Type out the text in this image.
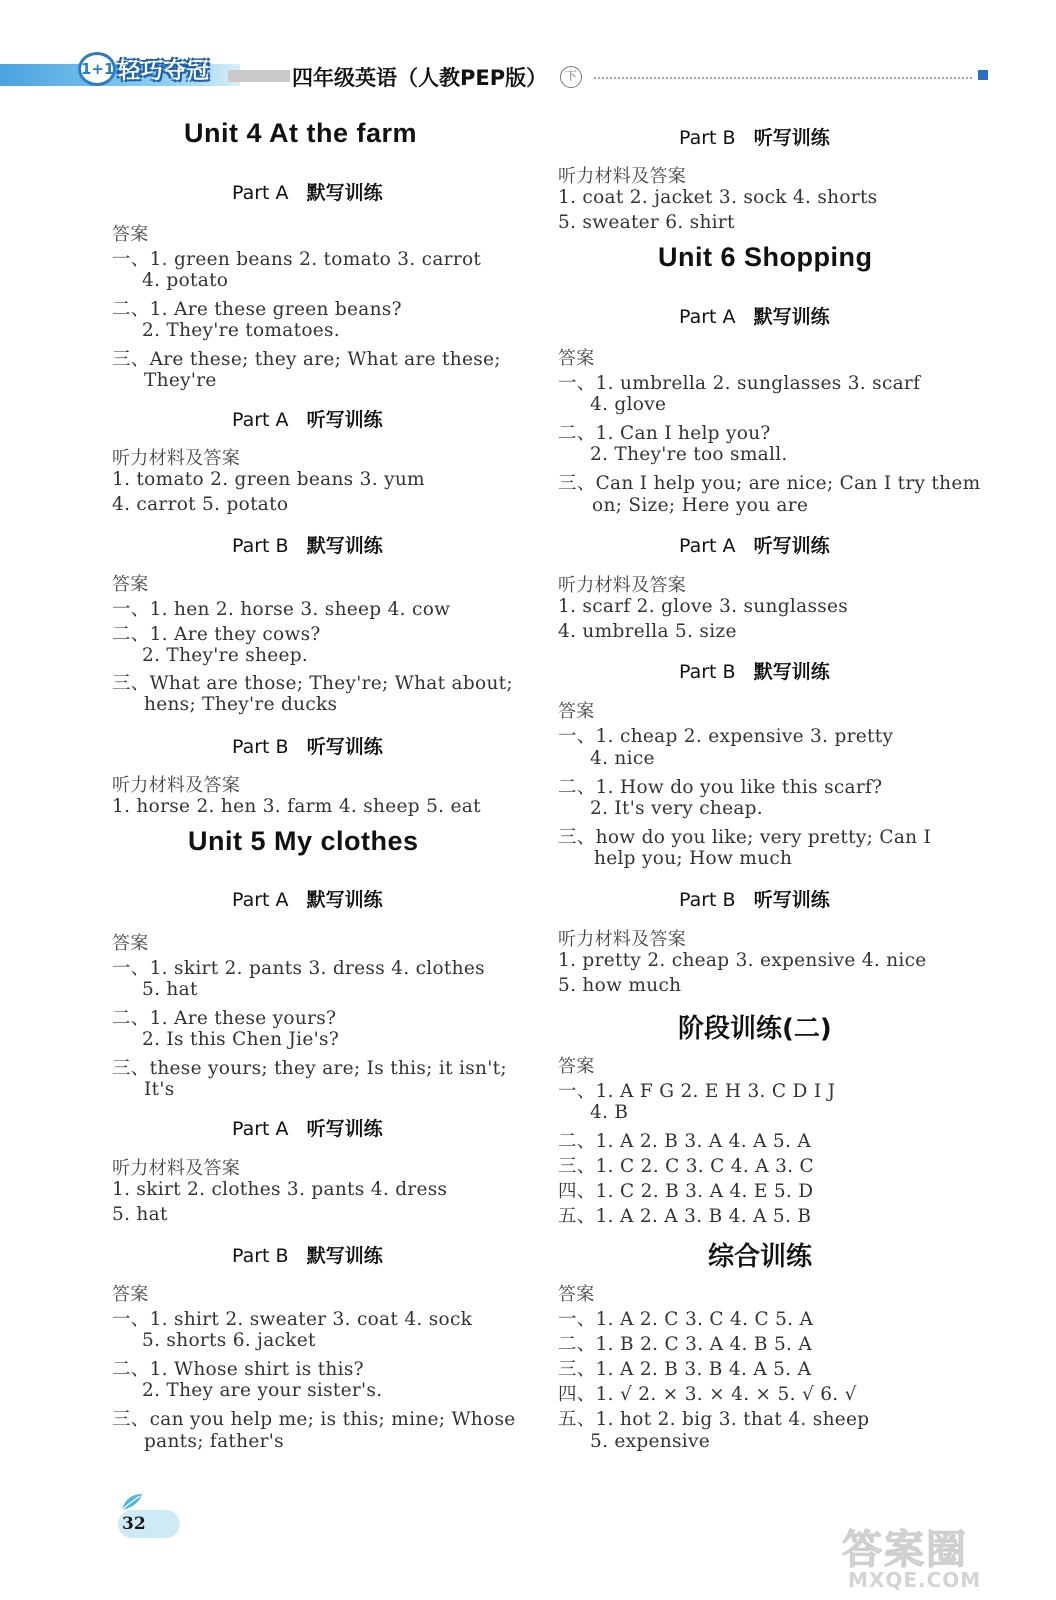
1+1 轻巧夺冠	四年级英语（人教PEP版）	下
Unit 4 At the farm
Part A 默写训练
答案
一、1. green beans 2. tomato 3. carrot
4. potato
二、1. Are these green beans?
2. They're tomatoes.
三、Are these; they are; What are these;
They're
Part A 听写训练
听力材料及答案
1. tomato 2. green beans 3. yum
4. carrot 5. potato
Part B 默写训练
答案
一、1. hen 2. horse 3. sheep 4. cow
二、1. Are they cows?
2. They're sheep.
三、What are those; They're; What about;
hens; They're ducks
Part B 听写训练
听力材料及答案
1. horse 2. hen 3. farm 4. sheep 5. eat
Unit 5 My clothes
Part A 默写训练
答案
一、1. skirt 2. pants 3. dress 4. clothes
5. hat
二、1. Are these yours?
2. Is this Chen Jie's?
三、these yours; they are; Is this; it isn't;
It's
Part A 听写训练
听力材料及答案
1. skirt 2. clothes 3. pants 4. dress
5. hat
Part B 默写训练
答案
一、1. shirt 2. sweater 3. coat 4. sock
5. shorts 6. jacket
二、1. Whose shirt is this?
2. They are your sister's.
三、can you help me; is this; mine; Whose
pants; father's
Part B 听写训练
听力材料及答案
1. coat 2. jacket 3. sock 4. shorts
5. sweater 6. shirt
Unit 6 Shopping
Part A 默写训练
答案
一、1. umbrella 2. sunglasses 3. scarf
4. glove
二、1. Can I help you?
2. They're too small.
三、Can I help you; are nice; Can I try them
on; Size; Here you are
Part A 听写训练
听力材料及答案
1. scarf 2. glove 3. sunglasses
4. umbrella 5. size
Part B 默写训练
答案
一、1. cheap 2. expensive 3. pretty
4. nice
二、1. How do you like this scarf?
2. It's very cheap.
三、how do you like; very pretty; Can I
help you; How much
Part B 听写训练
听力材料及答案
1. pretty 2. cheap 3. expensive 4. nice
5. how much
阶段训练(二)
答案
一、1. A F G 2. E H 3. C D I J
4. B
二、1. A 2. B 3. A 4. A 5. A
三、1. C 2. C 3. C 4. A 3. C
四、1. C 2. B 3. A 4. E 5. D
五、1. A 2. A 3. B 4. A 5. B
综合训练
答案
一、1. A 2. C 3. C 4. C 5. A
二、1. B 2. C 3. A 4. B 5. A
三、1. A 2. B 3. B 4. A 5. A
四、1. √ 2. × 3. × 4. × 5. √ 6. √
五、1. hot 2. big 3. that 4. sheep
5. expensive
32
答案圈
MXQE.COM
